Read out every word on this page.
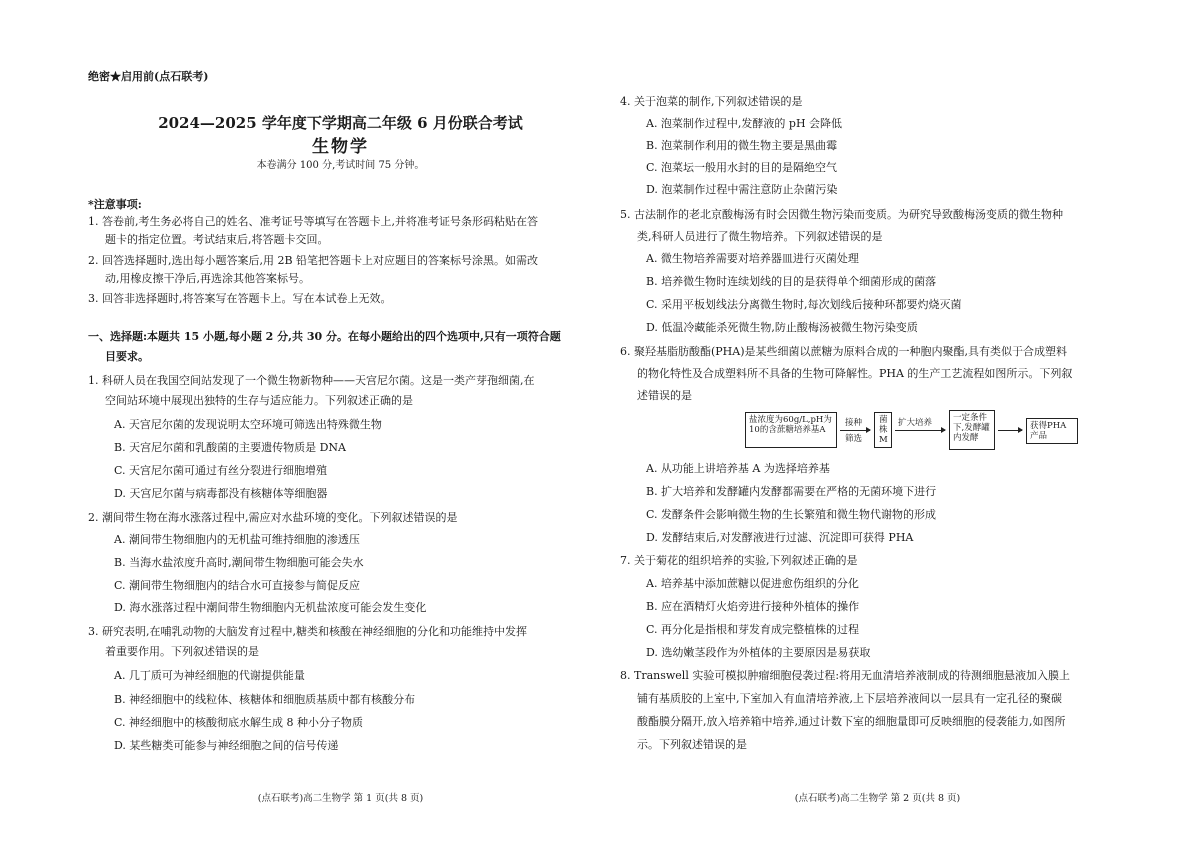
绝密★启用前(点石联考)
2024—2025 学年度下学期高二年级 6 月份联合考试
生物学
本卷满分 100 分,考试时间 75 分钟。
*注意事项:
1. 答卷前,考生务必将自己的姓名、准考证号等填写在答题卡上,并将准考证号条形码粘贴在答
题卡的指定位置。考试结束后,将答题卡交回。
2. 回答选择题时,选出每小题答案后,用 2B 铅笔把答题卡上对应题目的答案标号涂黑。如需改
动,用橡皮擦干净后,再选涂其他答案标号。
3. 回答非选择题时,将答案写在答题卡上。写在本试卷上无效。
一、选择题:本题共 15 小题,每小题 2 分,共 30 分。在每小题给出的四个选项中,只有一项符合题
目要求。
1. 科研人员在我国空间站发现了一个微生物新物种——天宫尼尔菌。这是一类产芽孢细菌,在
空间站环境中展现出独特的生存与适应能力。下列叙述正确的是
A. 天宫尼尔菌的发现说明太空环境可筛选出特殊微生物
B. 天宫尼尔菌和乳酸菌的主要遗传物质是 DNA
C. 天宫尼尔菌可通过有丝分裂进行细胞增殖
D. 天宫尼尔菌与病毒都没有核糖体等细胞器
2. 潮间带生物在海水涨落过程中,需应对水盐环境的变化。下列叙述错误的是
A. 潮间带生物细胞内的无机盐可维持细胞的渗透压
B. 当海水盐浓度升高时,潮间带生物细胞可能会失水
C. 潮间带生物细胞内的结合水可直接参与简促反应
D. 海水涨落过程中潮间带生物细胞内无机盐浓度可能会发生变化
3. 研究表明,在哺乳动物的大脑发育过程中,糖类和核酸在神经细胞的分化和功能维持中发挥
着重要作用。下列叙述错误的是
A. 几丁质可为神经细胞的代谢提供能量
B. 神经细胞中的线粒体、核糖体和细胞质基质中都有核酸分布
C. 神经细胞中的核酸彻底水解生成 8 种小分子物质
D. 某些糖类可能参与神经细胞之间的信号传递
(点石联考)高二生物学 第 1 页(共 8 页)
4. 关于泡菜的制作,下列叙述错误的是
A. 泡菜制作过程中,发酵液的 pH 会降低
B. 泡菜制作利用的微生物主要是黑曲霉
C. 泡菜坛一般用水封的目的是隔绝空气
D. 泡菜制作过程中需注意防止杂菌污染
5. 古法制作的老北京酸梅汤有时会因微生物污染而变质。为研究导致酸梅汤变质的微生物种
类,科研人员进行了微生物培养。下列叙述错误的是
A. 微生物培养需要对培养器皿进行灭菌处理
B. 培养微生物时连续划线的目的是获得单个细菌形成的菌落
C. 采用平板划线法分离微生物时,每次划线后接种环都要灼烧灭菌
D. 低温冷藏能杀死微生物,防止酸梅汤被微生物污染变质
6. 聚羟基脂肪酸酯(PHA)是某些细菌以蔗糖为原料合成的一种胞内聚酯,具有类似于合成塑料
的物化特性及合成塑料所不具备的生物可降解性。PHA 的生产工艺流程如图所示。下列叙
述错误的是
盐浓度为60g/L,pH为10的含蔗糖培养基A
接种
筛选
菌株M
扩大培养	一定条件下,发酵罐内发酵
获得PHA产品
A. 从功能上讲培养基 A 为选择培养基
B. 扩大培养和发酵罐内发酵都需要在严格的无菌环境下进行
C. 发酵条件会影响微生物的生长繁殖和微生物代谢物的形成
D. 发酵结束后,对发酵液进行过滤、沉淀即可获得 PHA
7. 关于菊花的组织培养的实验,下列叙述正确的是
A. 培养基中添加蔗糖以促进愈伤组织的分化
B. 应在酒精灯火焰旁进行接种外植体的操作
C. 再分化是指根和芽发育成完整植株的过程
D. 选幼嫩茎段作为外植体的主要原因是易获取
8. Transwell 实验可模拟肿瘤细胞侵袭过程:将用无血清培养液制成的待测细胞悬液加入膜上
铺有基质胶的上室中,下室加入有血清培养液,上下层培养液间以一层具有一定孔径的聚碳
酸酯膜分隔开,放入培养箱中培养,通过计数下室的细胞量即可反映细胞的侵袭能力,如图所
示。下列叙述错误的是
(点石联考)高二生物学 第 2 页(共 8 页)
